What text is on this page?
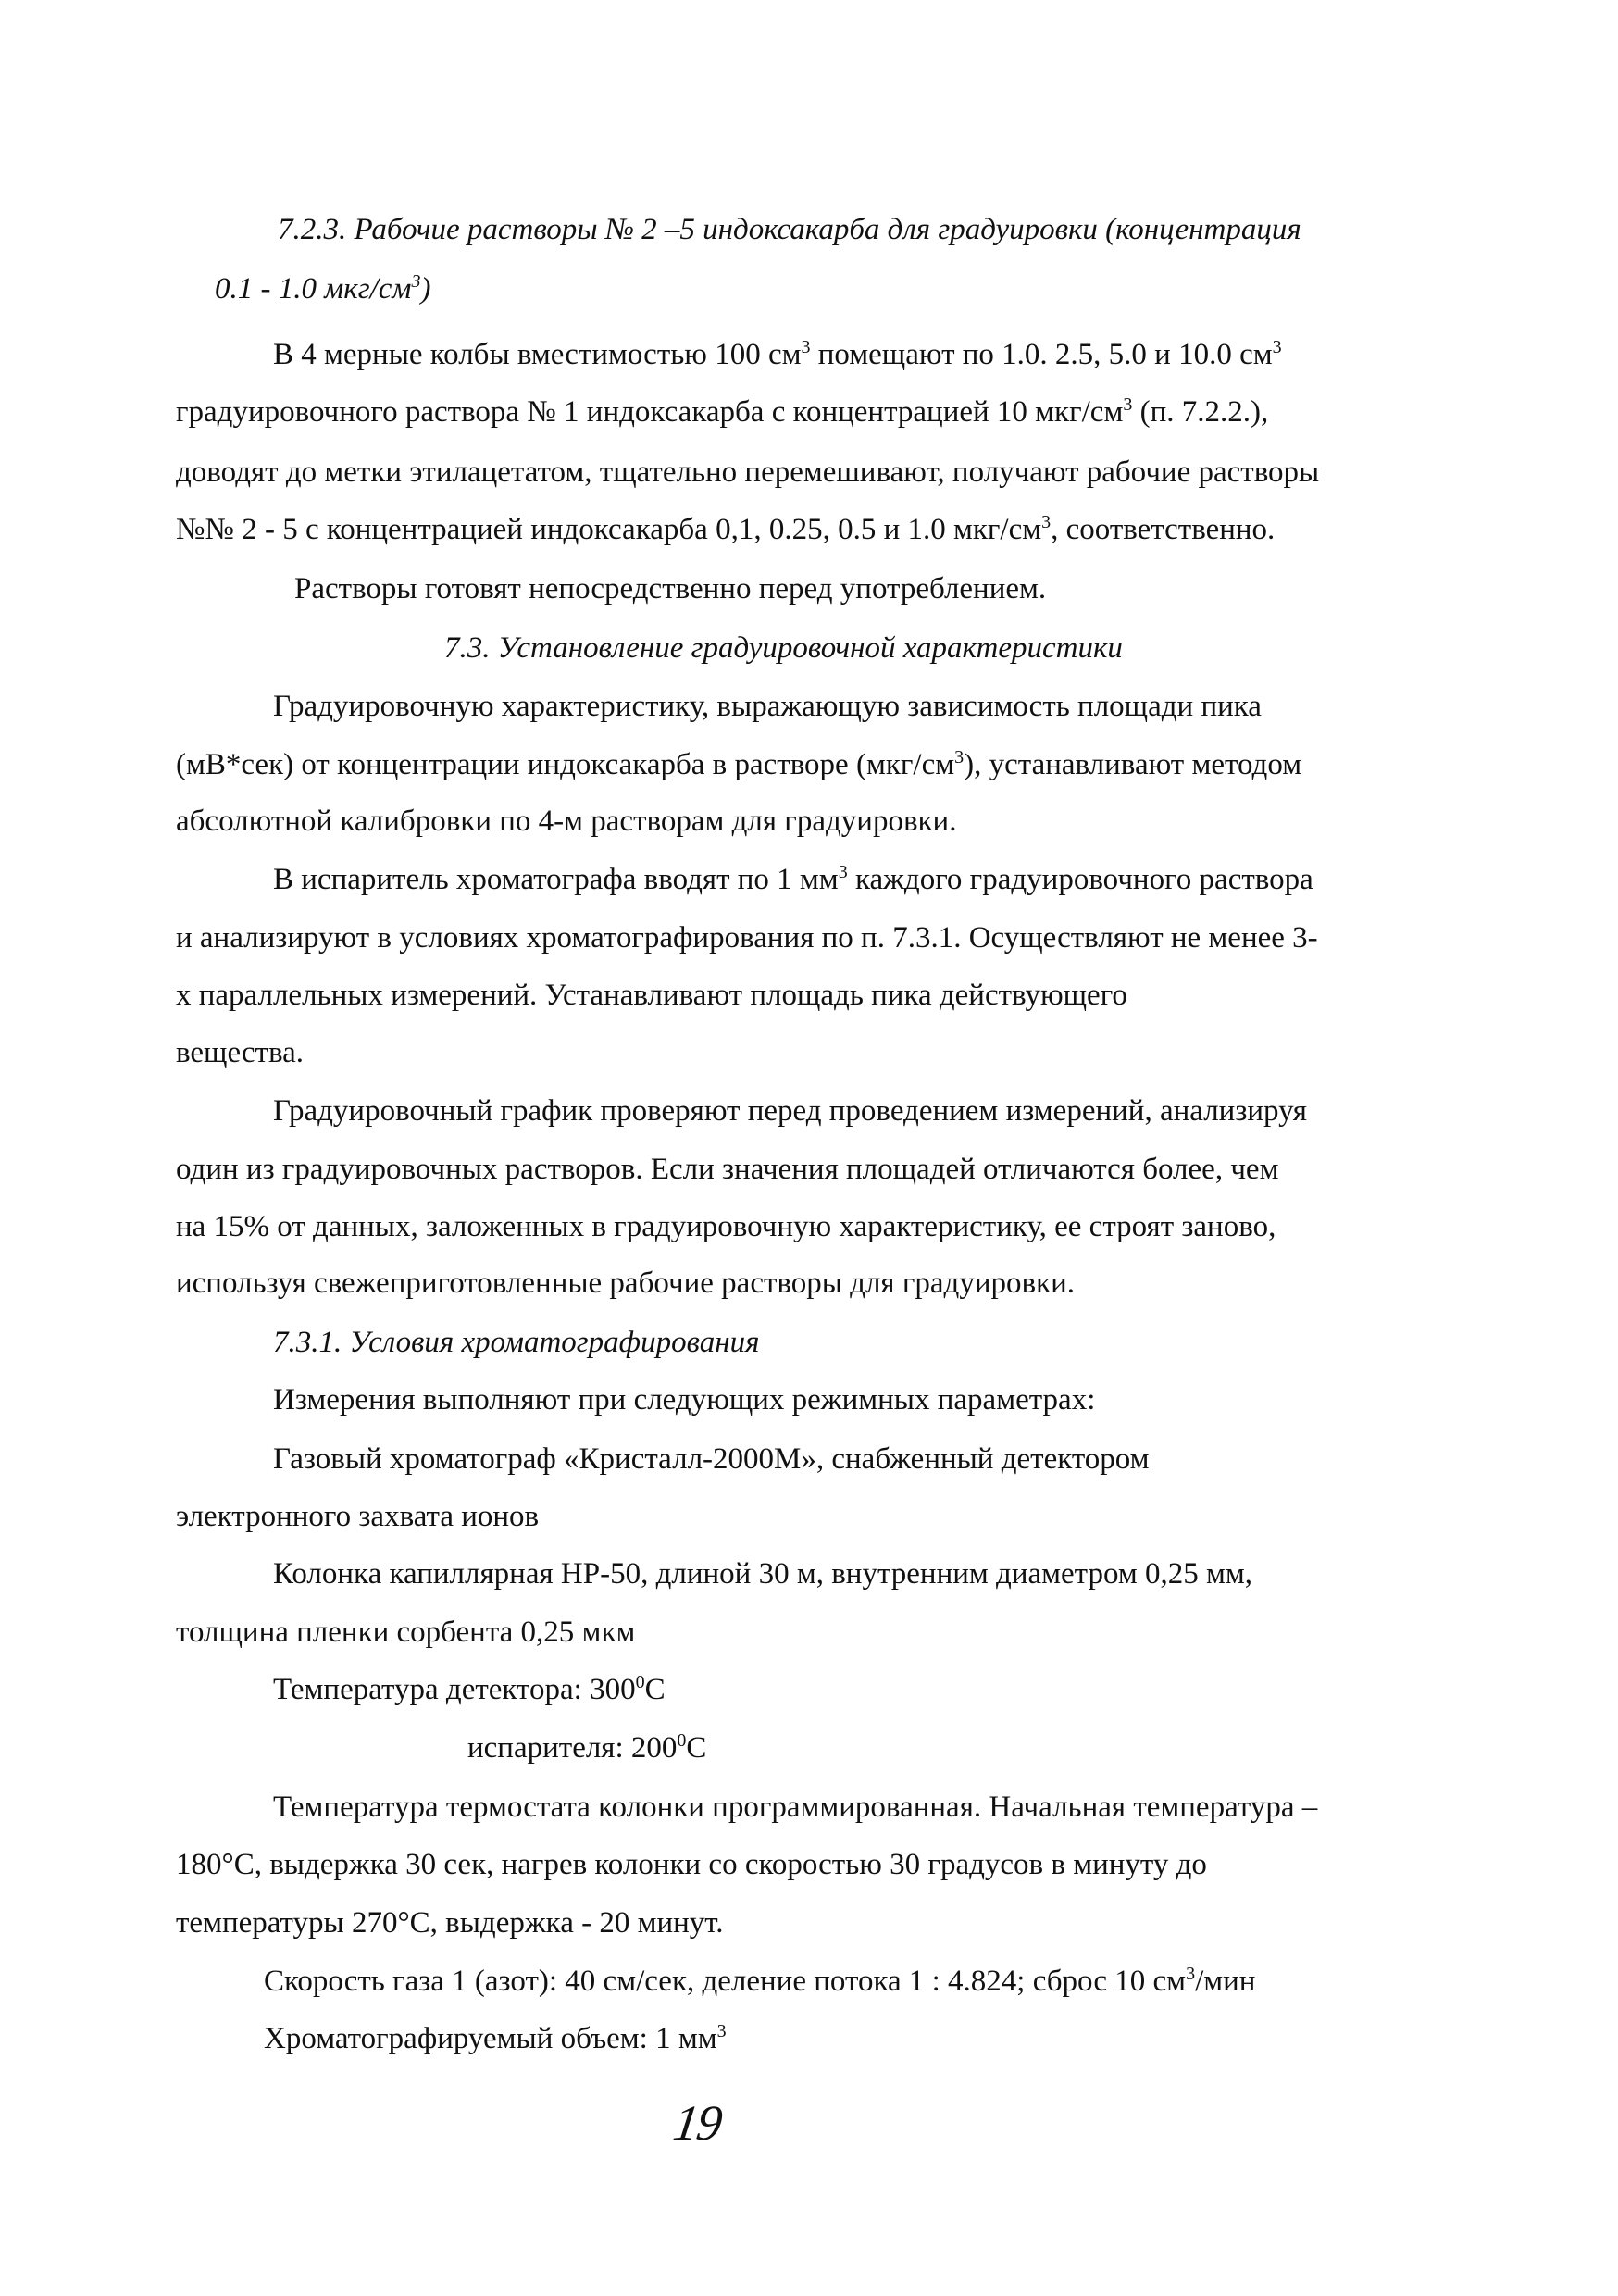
7.2.3. Рабочие растворы № 2 –5 индоксакарба для градуировки (концентрация
0.1 - 1.0 мкг/$см^3$)
В 4 мерные колбы вместимостью 100 $см^3$ помещают по 1.0. 2.5, 5.0 и 10.0 $см^3$
градуировочного раствора № 1 индоксакарба с концентрацией 10 мкг/$см^3$ (п. 7.2.2.),
доводят до метки этилацетатом, тщательно перемешивают, получают рабочие растворы
№№ 2 - 5 с концентрацией индоксакарба 0,1, 0.25, 0.5 и 1.0 мкг/$см^3$, соответственно.
Растворы готовят непосредственно перед употреблением.
7.3. Установление градуировочной характеристики
Градуировочную характеристику, выражающую зависимость площади пика
(мВ*сек) от концентрации индоксакарба в растворе $(мкг/см^3)$, устанавливают методом
абсолютной калибровки по 4-м растворам для градуировки.
В испаритель хроматографа вводят по 1 $мм^3$ каждого градуировочного раствора
и анализируют в условиях хроматографирования по п. 7.3.1. Осуществляют не менее 3-
х параллельных измерений. Устанавливают площадь пика действующего
вещества.
Градуировочный график проверяют перед проведением измерений, анализируя
один из градуировочных растворов. Если значения площадей отличаются более, чем
на 15% от данных, заложенных в градуировочную характеристику, ее строят заново,
используя свежеприготовленные рабочие растворы для градуировки.
7.3.1. Условия хроматографирования
Измерения выполняют при следующих режимных параметрах:
Газовый хроматограф «Кристалл-2000М», снабженный детектором
электронного захвата ионов
Колонка капиллярная НР-50, длиной 30 м, внутренним диаметром 0,25 мм,
толщина пленки сорбента 0,25 мкм
Температура детектора: $300^0С$
испарителя: $200^0С$
Температура термостата колонки программированная. Начальная температура –
180°С, выдержка 30 сек, нагрев колонки со скоростью 30 градусов в минуту до
температуры 270°С, выдержка - 20 минут.
Скорость газа 1 (азот): 40 см/сек, деление потока 1 : 4.824; сброс 10 $см^3$/мин
Хроматографируемый объем: 1 $мм^3$
19
